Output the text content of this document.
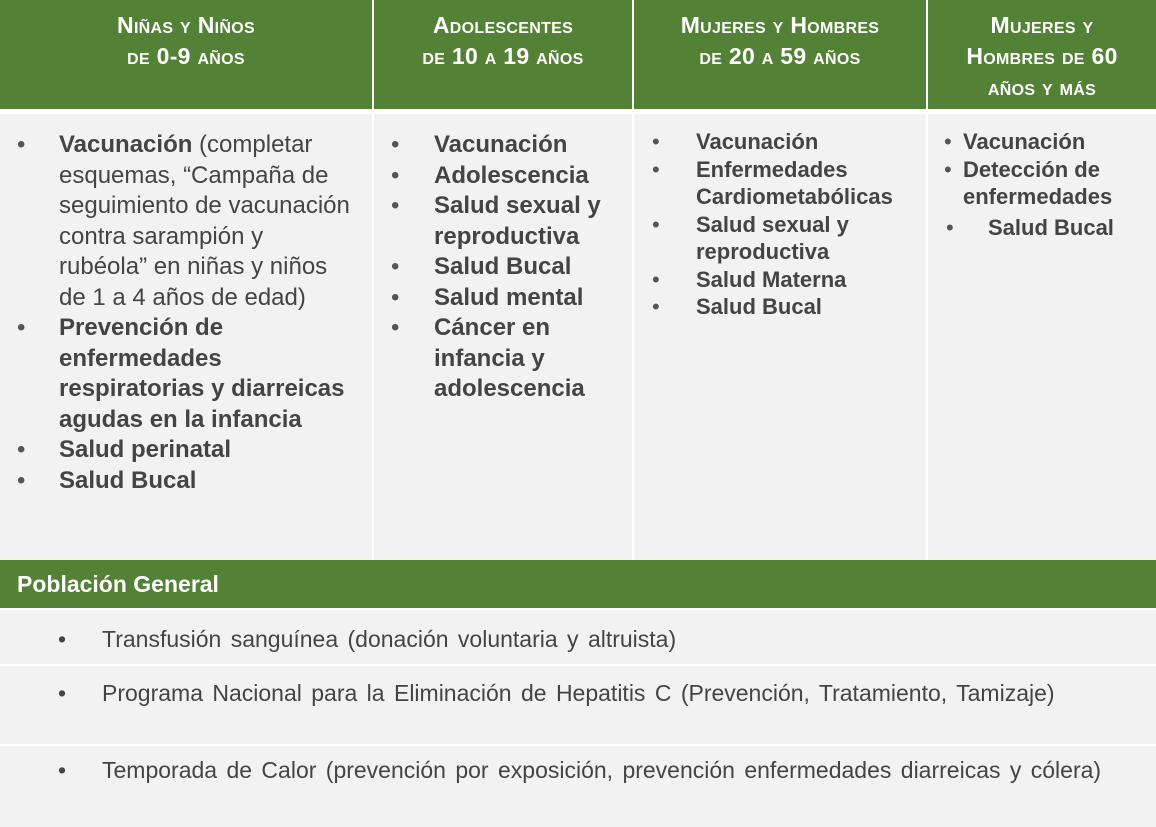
Niñas y Niños
de 0-9 años
Adolescentes
de 10 a 19 años
Mujeres y Hombres
de 20 a 59 años
Mujeres y
Hombres de 60
años y más
• Vacunación (completar esquemas, “Campaña de seguimiento de vacunación contra sarampión y rubéola” en niñas y niños de 1 a 4 años de edad)
• Prevención de enfermedades respiratorias y diarreicas agudas en la infancia
• Salud perinatal
• Salud Bucal
• Vacunación
• Adolescencia
• Salud sexual y reproductiva
• Salud Bucal
• Salud mental
• Cáncer en infancia y adolescencia
• Vacunación
• Enfermedades Cardiometabólicas
• Salud sexual y reproductiva
• Salud Materna
• Salud Bucal
• Vacunación
• Detección de enfermedades
• Salud Bucal
Población General
• Transfusión sanguínea (donación voluntaria y altruista)
• Programa Nacional para la Eliminación de Hepatitis C (Prevención, Tratamiento, Tamizaje)
• Temporada de Calor (prevención por exposición, prevención enfermedades diarreicas y cólera)
